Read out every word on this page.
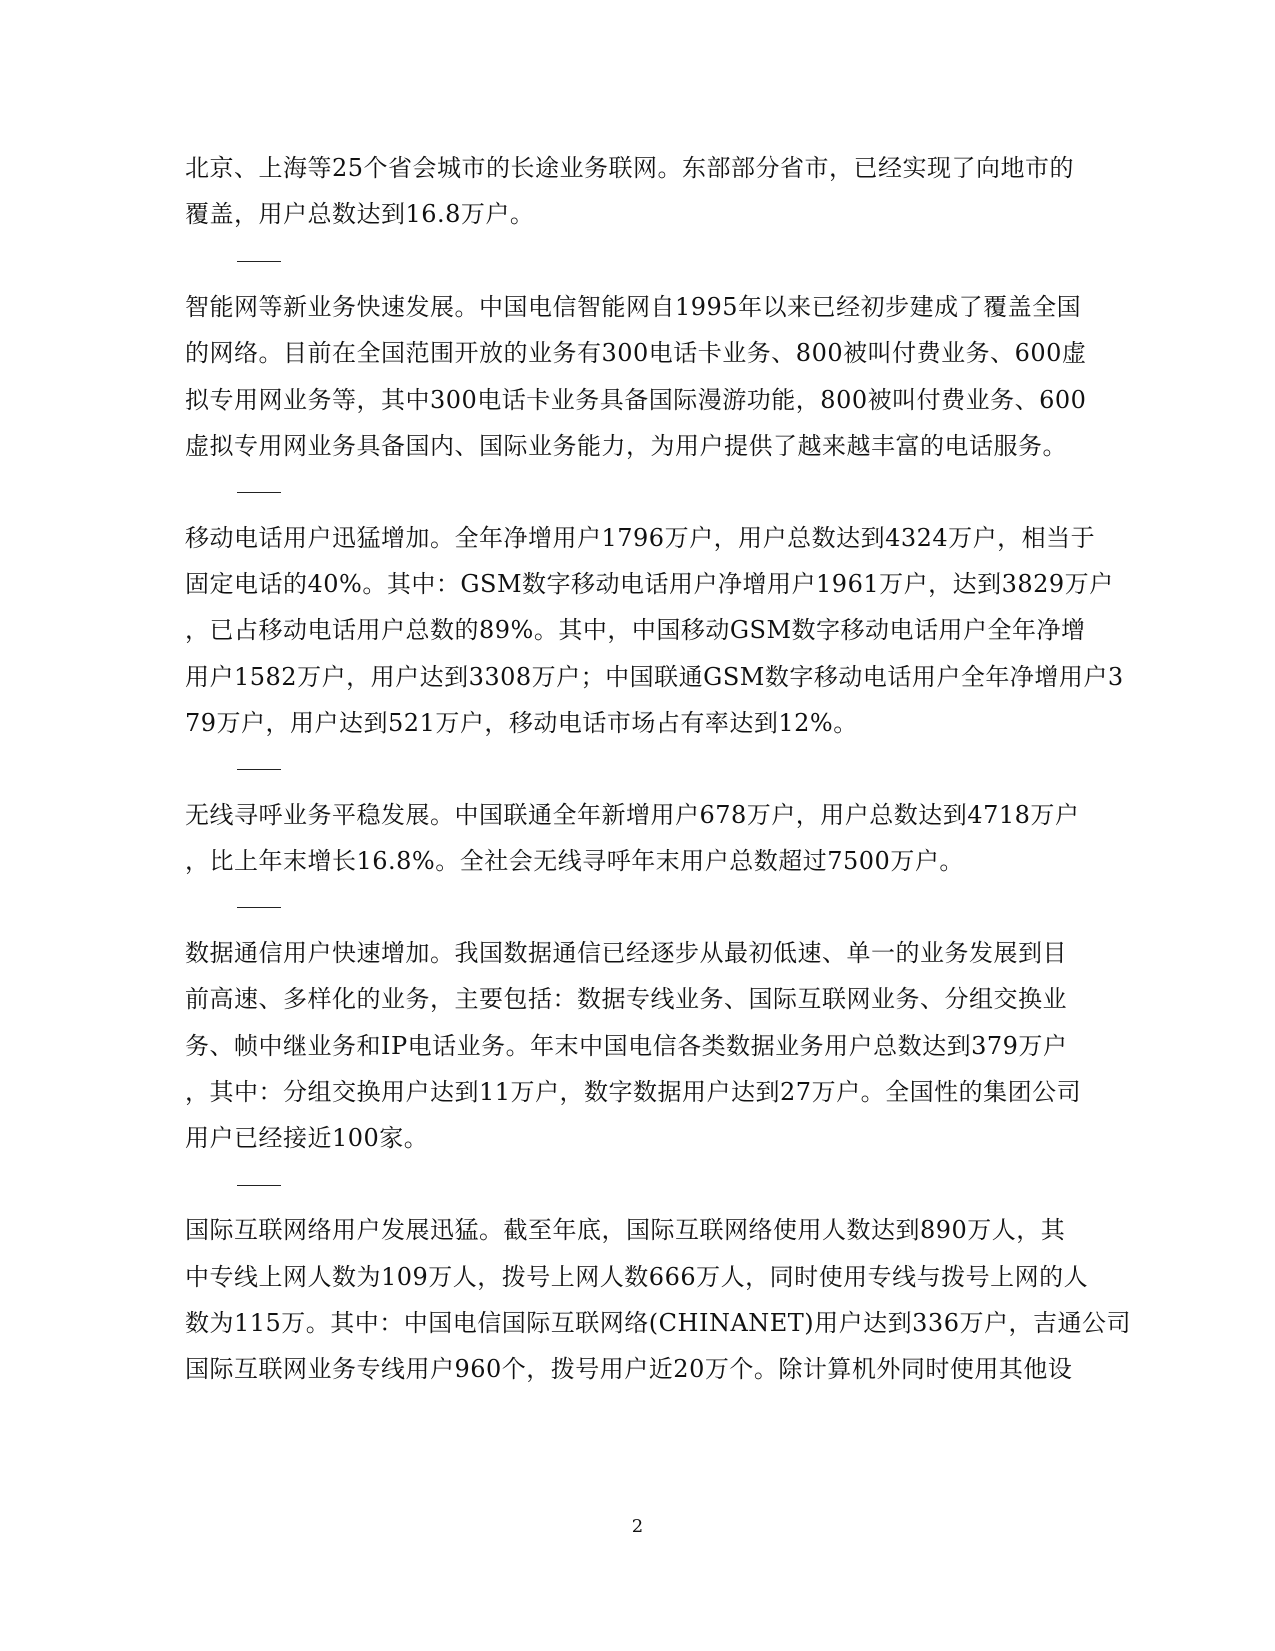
北京、上海等25个省会城市的长途业务联网。东部部分省市，已经实现了向地市的
覆盖，用户总数达到16.8万户。
智能网等新业务快速发展。中国电信智能网自1995年以来已经初步建成了覆盖全国
的网络。目前在全国范围开放的业务有300电话卡业务、800被叫付费业务、600虚
拟专用网业务等，其中300电话卡业务具备国际漫游功能，800被叫付费业务、600
虚拟专用网业务具备国内、国际业务能力，为用户提供了越来越丰富的电话服务。
移动电话用户迅猛增加。全年净增用户1796万户，用户总数达到4324万户，相当于
固定电话的40%。其中：GSM数字移动电话用户净增用户1961万户，达到3829万户
，已占移动电话用户总数的89%。其中，中国移动GSM数字移动电话用户全年净增
用户1582万户，用户达到3308万户；中国联通GSM数字移动电话用户全年净增用户3
79万户，用户达到521万户，移动电话市场占有率达到12%。
无线寻呼业务平稳发展。中国联通全年新增用户678万户，用户总数达到4718万户
，比上年末增长16.8%。全社会无线寻呼年末用户总数超过7500万户。
数据通信用户快速增加。我国数据通信已经逐步从最初低速、单一的业务发展到目
前高速、多样化的业务，主要包括：数据专线业务、国际互联网业务、分组交换业
务、帧中继业务和IP电话业务。年末中国电信各类数据业务用户总数达到379万户
，其中：分组交换用户达到11万户，数字数据用户达到27万户。全国性的集团公司
用户已经接近100家。
国际互联网络用户发展迅猛。截至年底，国际互联网络使用人数达到890万人，其
中专线上网人数为109万人，拨号上网人数666万人，同时使用专线与拨号上网的人
数为115万。其中：中国电信国际互联网络(CHINANET)用户达到336万户，吉通公司
国际互联网业务专线用户960个，拨号用户近20万个。除计算机外同时使用其他设
2
